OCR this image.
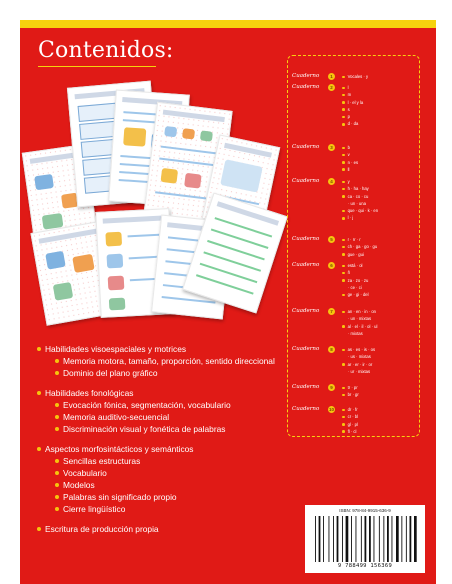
Contenidos:
Cuaderno	1	Vocales · y
Cuaderno	2	l
m
l · el y la
s
p
d · da
Cuaderno	3	b
v
n · es
ll
Cuaderno	4	y
h · ha · hay
ca · co · cu
· un · una
que · qui · k · en
l · j
Cuaderno	5	r · rr · r
ch · ga · go · gu
gue · gui
Cuaderno	6	está · ol
ñ
za · zo · zu
· ce · ci
ge · gi · del
Cuaderno	7	an · en · in · on
· un · mixtas
al · el · il · ol · ul
· mixtas
Cuaderno	8	as · es · is · os
· us · mixtas
ar · er · ir · or
· ur · mixtas
Cuaderno	9	tr · pr
br · gr
Cuaderno 10	dr · fr
cr · bl
gl · pl
fl · cl
Habilidades visoespaciales y motrices
Memoria motora, tamaño, proporción, sentido direccional
Dominio del plano gráfico
Habilidades fonológicas
Evocación fónica, segmentación, vocabulario
Memoria auditivo-secuencial
Discriminación visual y fonética de palabras
Aspectos morfosintácticos y semánticos
Sencillas estructuras
Vocabulario
Modelos
Palabras sin significado propio
Cierre lingüístico
Escritura de producción propia
ISBN: 978-84-9915-636-9
9 788499 156369
